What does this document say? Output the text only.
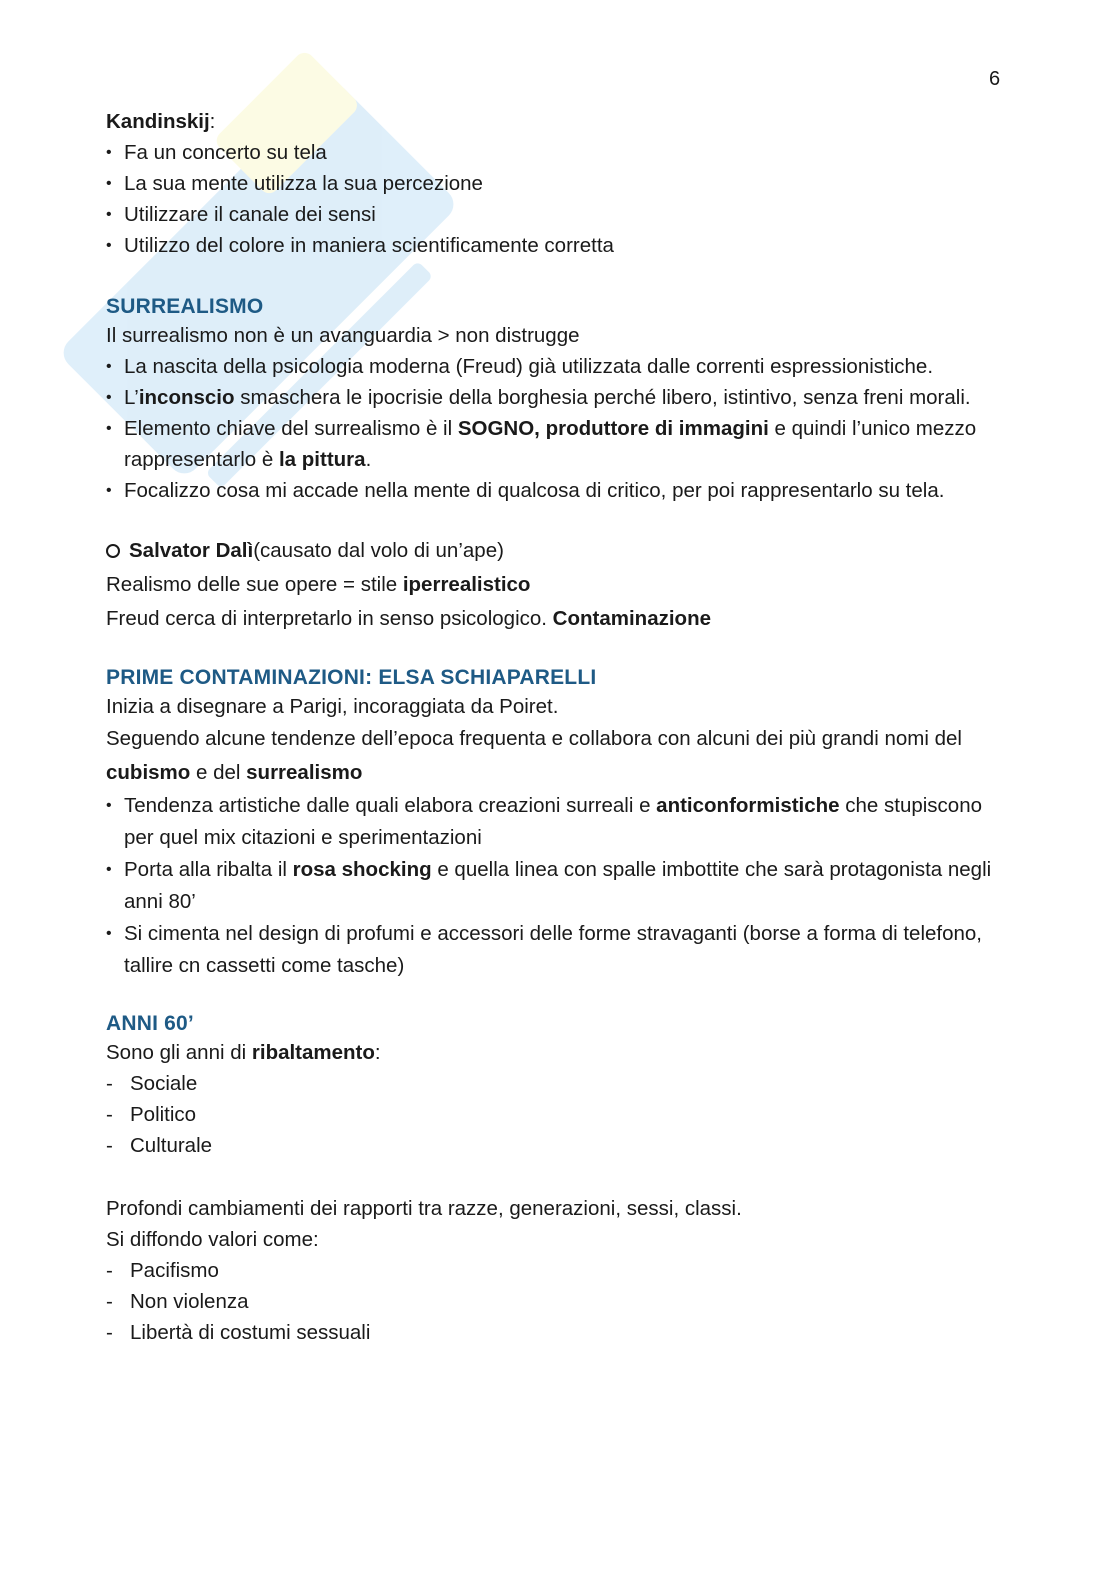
6
Kandinskij:
• Fa un concerto su tela
• La sua mente utilizza la sua percezione
• Utilizzare il canale dei sensi
• Utilizzo del colore in maniera scientificamente corretta
SURREALISMO
Il surrealismo non è un avanguardia > non distrugge
• La nascita della psicologia moderna (Freud) già utilizzata dalle correnti espressionistiche.
• L’inconscio smaschera le ipocrisie della borghesia perché libero, istintivo, senza freni morali.
• Elemento chiave del surrealismo è il SOGNO, produttore di immagini e quindi l’unico mezzo rappresentarlo è la pittura.
• Focalizzo cosa mi accade nella mente di qualcosa di critico, per poi rappresentarlo su tela.
Salvator Dalì (causato dal volo di un’ape)
Realismo delle sue opere = stile iperrealistico
Freud cerca di interpretarlo in senso psicologico. Contaminazione
PRIME CONTAMINAZIONI: ELSA SCHIAPARELLI
Inizia a disegnare a Parigi, incoraggiata da Poiret.
Seguendo alcune tendenze dell’epoca frequenta e collabora con alcuni dei più grandi nomi del cubismo e del surrealismo
• Tendenza artistiche dalle quali elabora creazioni surreali e anticonformistiche che stupiscono per quel mix citazioni e sperimentazioni
• Porta alla ribalta il rosa shocking e quella linea con spalle imbottite che sarà protagonista negli anni 80’
• Si cimenta nel design di profumi e accessori delle forme stravaganti (borse a forma di telefono, tallire cn cassetti come tasche)
ANNI 60’
Sono gli anni di ribaltamento:
- Sociale
- Politico
- Culturale
Profondi cambiamenti dei rapporti tra razze, generazioni, sessi, classi.
Si diffondo valori come:
- Pacifismo
- Non violenza
- Libertà di costumi sessuali
